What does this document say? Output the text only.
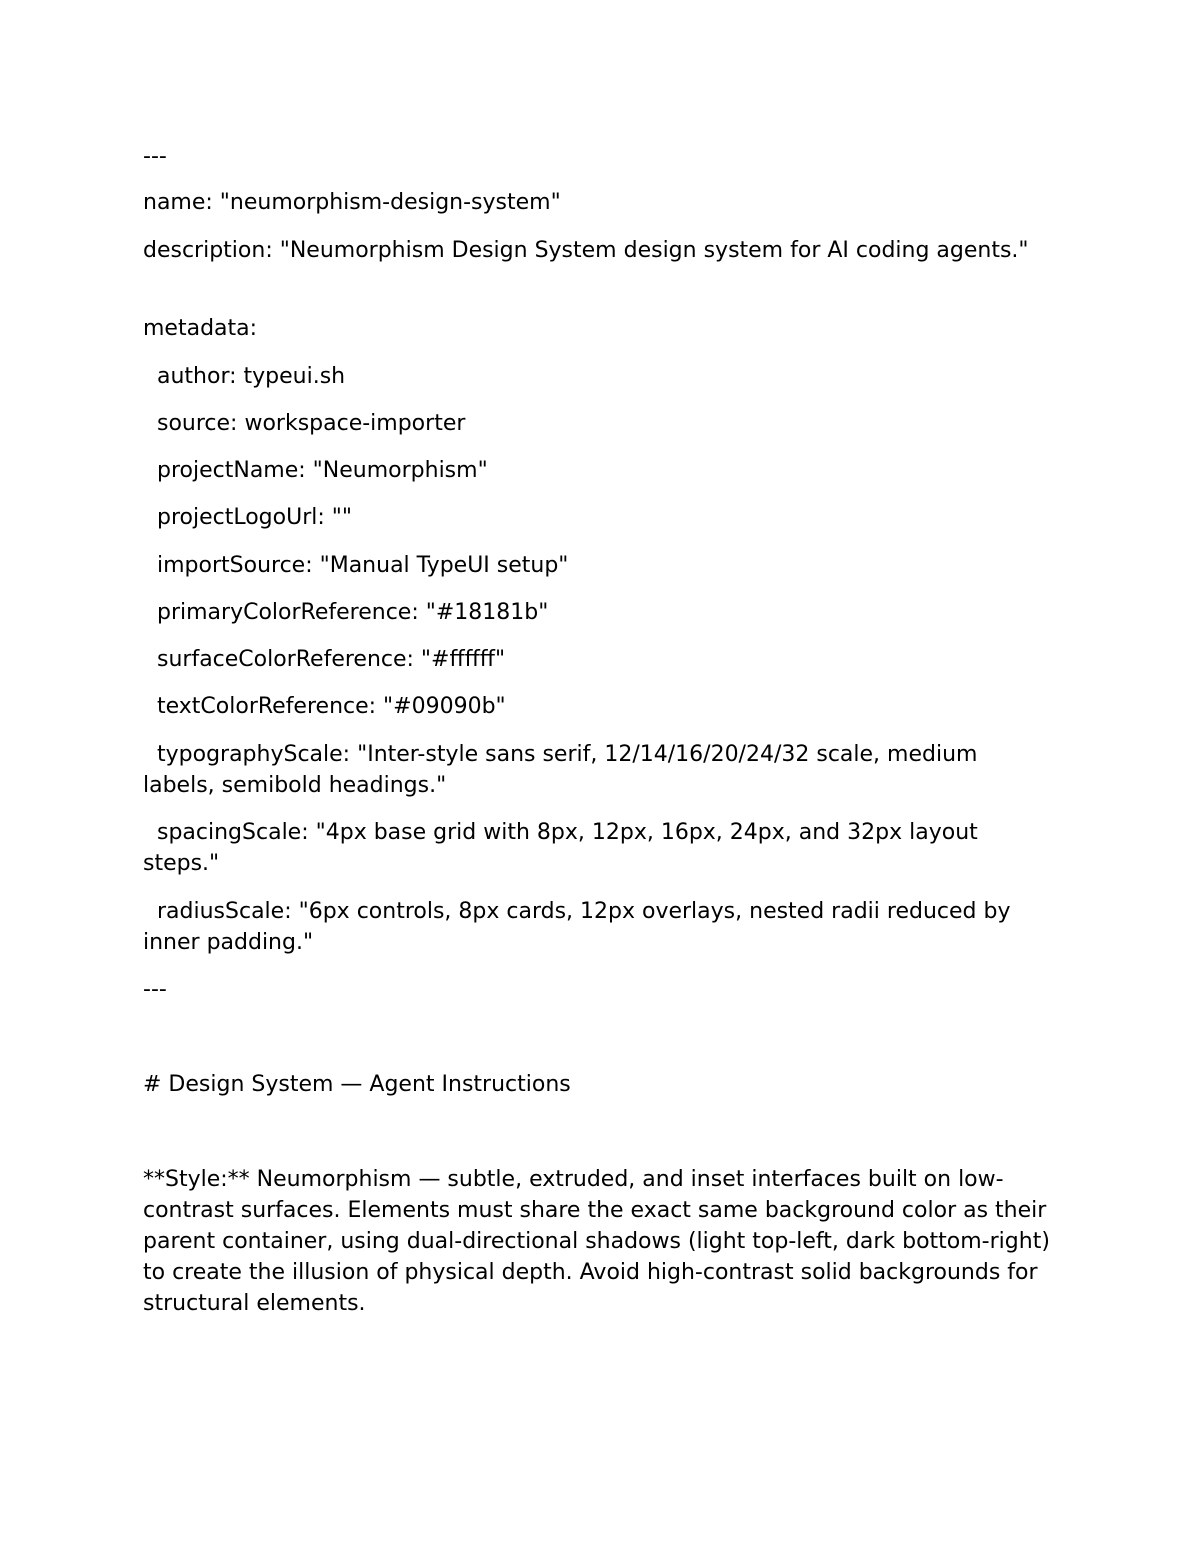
---

name: "neumorphism-design-system"

description: "Neumorphism Design System design system for AI coding agents."

metadata:

author: typeui.sh

source: workspace-importer

projectName: "Neumorphism"

projectLogoUrl: ""

importSource: "Manual TypeUI setup"

primaryColorReference: "#18181b"

surfaceColorReference: "#ffffff"

textColorReference: "#09090b"

typographyScale: "Inter-style sans serif, 12/14/16/20/24/32 scale, medium labels, semibold headings."

spacingScale: "4px base grid with 8px, 12px, 16px, 24px, and 32px layout steps."

radiusScale: "6px controls, 8px cards, 12px overlays, nested radii reduced by inner padding."

---

# Design System — Agent Instructions

**Style:** Neumorphism — subtle, extruded, and inset interfaces built on low-contrast surfaces. Elements must share the exact same background color as their parent container, using dual-directional shadows (light top-left, dark bottom-right) to create the illusion of physical depth. Avoid high-contrast solid backgrounds for structural elements.
